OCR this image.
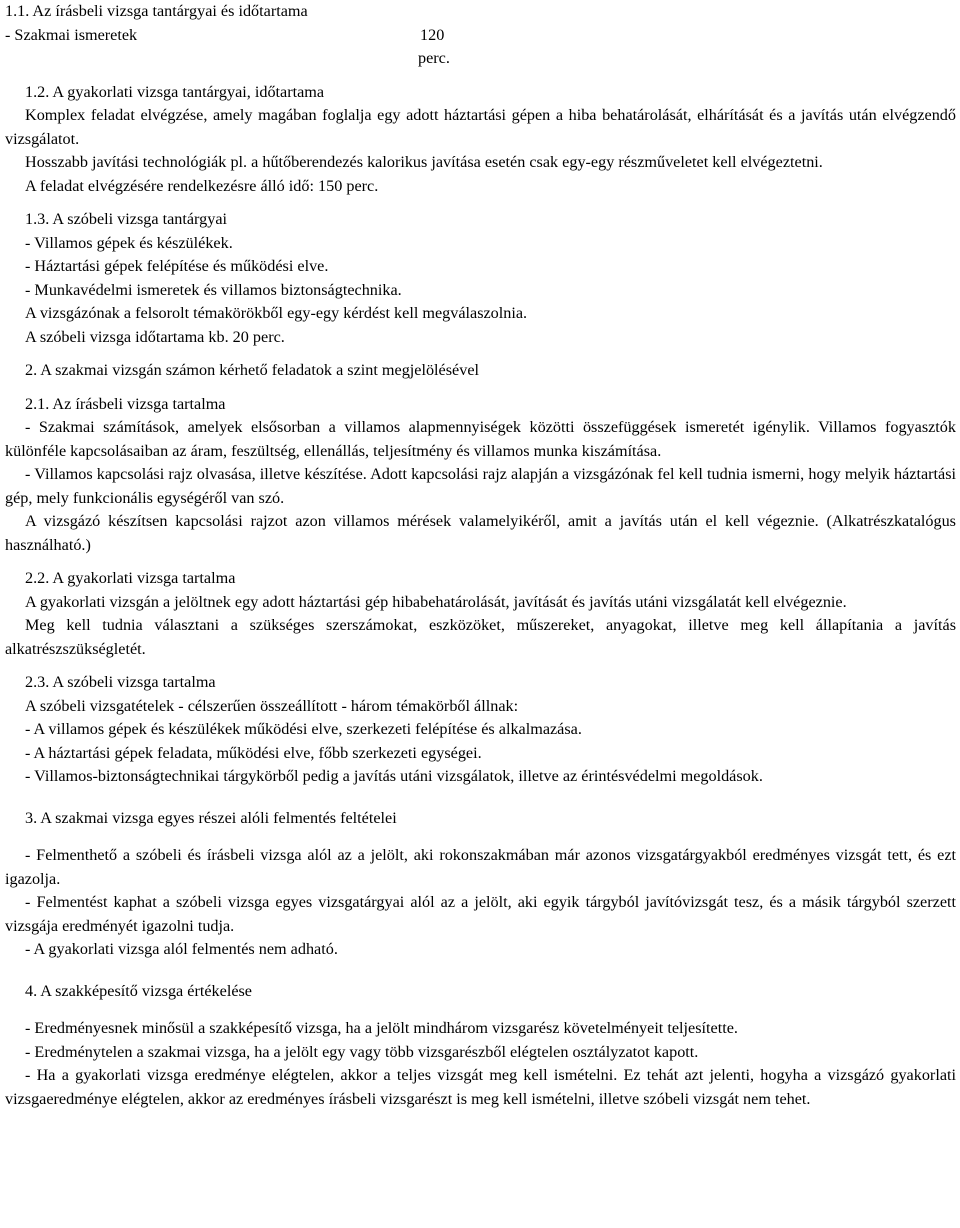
1.1. Az írásbeli vizsga tantárgyai és időtartama
- Szakmai ismeretek	120
perc.
1.2. A gyakorlati vizsga tantárgyai, időtartama
Komplex feladat elvégzése, amely magában foglalja egy adott háztartási gépen a hiba behatárolását, elhárítását és a javítás után elvégzendő vizsgálatot.
Hosszabb javítási technológiák pl. a hűtőberendezés kalorikus javítása esetén csak egy-egy részműveletet kell elvégeztetni.
A feladat elvégzésére rendelkezésre álló idő: 150 perc.
1.3. A szóbeli vizsga tantárgyai
- Villamos gépek és készülékek.
- Háztartási gépek felépítése és működési elve.
- Munkavédelmi ismeretek és villamos biztonságtechnika.
A vizsgázónak a felsorolt témakörökből egy-egy kérdést kell megválaszolnia.
A szóbeli vizsga időtartama kb. 20 perc.
2. A szakmai vizsgán számon kérhető feladatok a szint megjelölésével
2.1. Az írásbeli vizsga tartalma
- Szakmai számítások, amelyek elsősorban a villamos alapmennyiségek közötti összefüggések ismeretét igénylik. Villamos fogyasztók különféle kapcsolásaiban az áram, feszültség, ellenállás, teljesítmény és villamos munka kiszámítása.
- Villamos kapcsolási rajz olvasása, illetve készítése. Adott kapcsolási rajz alapján a vizsgázónak fel kell tudnia ismerni, hogy melyik háztartási gép, mely funkcionális egységéről van szó.
A vizsgázó készítsen kapcsolási rajzot azon villamos mérések valamelyikéről, amit a javítás után el kell végeznie. (Alkatrészkatalógus használható.)
2.2. A gyakorlati vizsga tartalma
A gyakorlati vizsgán a jelöltnek egy adott háztartási gép hibabehatárolását, javítását és javítás utáni vizsgálatát kell elvégeznie.
Meg kell tudnia választani a szükséges szerszámokat, eszközöket, műszereket, anyagokat, illetve meg kell állapítania a javítás alkatrészszükségletét.
2.3. A szóbeli vizsga tartalma
A szóbeli vizsgatételek - célszerűen összeállított - három témakörből állnak:
- A villamos gépek és készülékek működési elve, szerkezeti felépítése és alkalmazása.
- A háztartási gépek feladata, működési elve, főbb szerkezeti egységei.
- Villamos-biztonságtechnikai tárgykörből pedig a javítás utáni vizsgálatok, illetve az érintésvédelmi megoldások.
3. A szakmai vizsga egyes részei alóli felmentés feltételei
- Felmenthető a szóbeli és írásbeli vizsga alól az a jelölt, aki rokonszakmában már azonos vizsgatárgyakból eredményes vizsgát tett, és ezt igazolja.
- Felmentést kaphat a szóbeli vizsga egyes vizsgatárgyai alól az a jelölt, aki egyik tárgyból javítóvizsgát tesz, és a másik tárgyból szerzett vizsgája eredményét igazolni tudja.
- A gyakorlati vizsga alól felmentés nem adható.
4. A szakképesítő vizsga értékelése
- Eredményesnek minősül a szakképesítő vizsga, ha a jelölt mindhárom vizsgarész követelményeit teljesítette.
- Eredménytelen a szakmai vizsga, ha a jelölt egy vagy több vizsgarészből elégtelen osztályzatot kapott.
- Ha a gyakorlati vizsga eredménye elégtelen, akkor a teljes vizsgát meg kell ismételni. Ez tehát azt jelenti, hogyha a vizsgázó gyakorlati vizsgaeredménye elégtelen, akkor az eredményes írásbeli vizsgarészt is meg kell ismételni, illetve szóbeli vizsgát nem tehet.
